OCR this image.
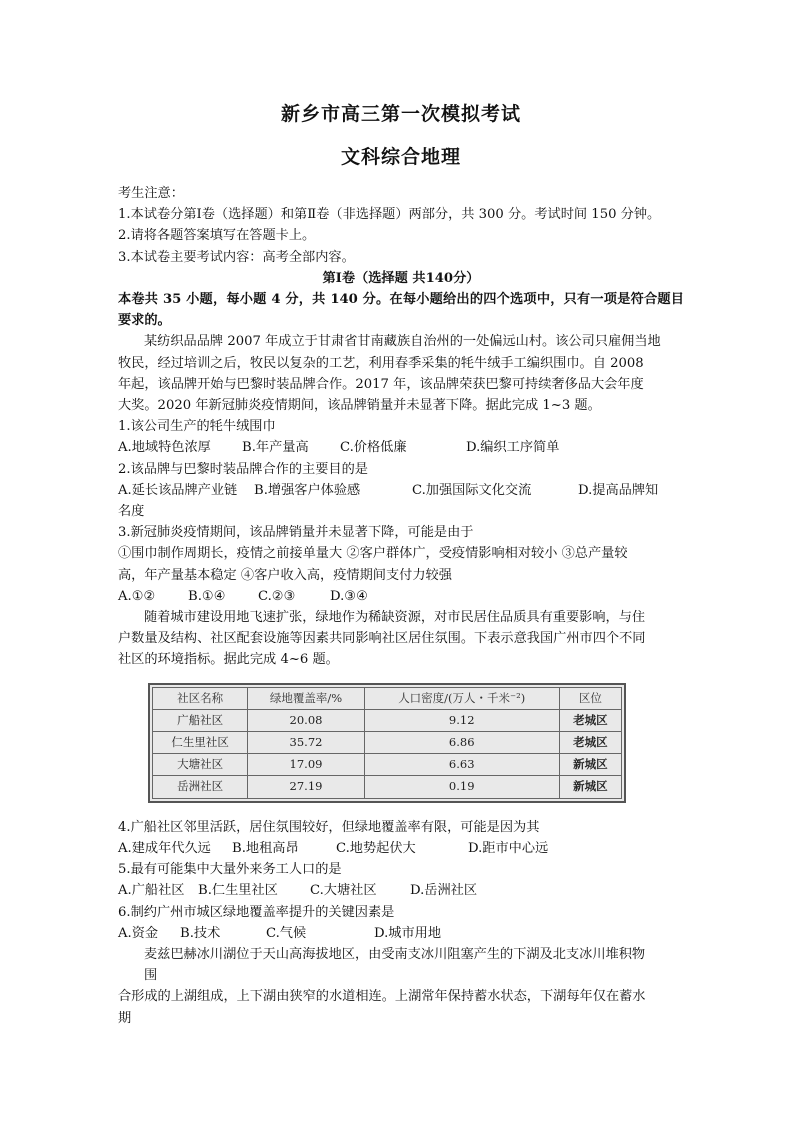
新乡市高三第一次模拟考试
文科综合地理
考生注意：
1.本试卷分第Ⅰ卷（选择题）和第Ⅱ卷（非选择题）两部分，共 300 分。考试时间 150 分钟。
2.请将各题答案填写在答题卡上。
3.本试卷主要考试内容：高考全部内容。
第Ⅰ卷（选择题 共140分）
本卷共 35 小题，每小题 4 分，共 140 分。在每小题给出的四个选项中，只有一项是符合题目要求的。
某纺织品品牌 2007 年成立于甘肃省甘南藏族自治州的一处偏远山村。该公司只雇佣当地
牧民，经过培训之后，牧民以复杂的工艺，利用春季采集的牦牛绒手工编织围巾。自 2008
年起，该品牌开始与巴黎时装品牌合作。2017 年，该品牌荣获巴黎可持续奢侈品大会年度
大奖。2020 年新冠肺炎疫情期间，该品牌销量并未显著下降。据此完成 1~3 题。
1.该公司生产的牦牛绒围巾
A.地域特色浓厚	B.年产量高	C.价格低廉	D.编织工序简单
2.该品牌与巴黎时装品牌合作的主要目的是
A.延长该品牌产业链	B.增强客户体验感	C.加强国际文化交流	D.提高品牌知
名度
3.新冠肺炎疫情期间，该品牌销量并未显著下降，可能是由于
①围巾制作周期长，疫情之前接单量大 ②客户群体广，受疫情影响相对较小 ③总产量较
高，年产量基本稳定 ④客户收入高，疫情期间支付力较强
A.①②	B.①④	C.②③	D.③④
随着城市建设用地飞速扩张，绿地作为稀缺资源，对市民居住品质具有重要影响，与住
户数量及结构、社区配套设施等因素共同影响社区居住氛围。下表示意我国广州市四个不同
社区的环境指标。据此完成 4~6 题。
社区名称	绿地覆盖率/%	人口密度/(万人・千米⁻²)	区位
广船社区	20.08	9.12	老城区
仁生里社区	35.72	6.86	老城区
大塘社区	17.09	6.63	新城区
岳洲社区	27.19	0.19	新城区
4.广船社区邻里活跃，居住氛围较好，但绿地覆盖率有限，可能是因为其
A.建成年代久远	B.地租高昂	C.地势起伏大	D.距市中心远
5.最有可能集中大量外来务工人口的是
A.广船社区	B.仁生里社区	C.大塘社区	D.岳洲社区
6.制约广州市城区绿地覆盖率提升的关键因素是
A.资金	B.技术	C.气候	D.城市用地
麦兹巴赫冰川湖位于天山高海拔地区，由受南支冰川阻塞产生的下湖及北支冰川堆积物
围
合形成的上湖组成，上下湖由狭窄的水道相连。上湖常年保持蓄水状态，下湖每年仅在蓄水
期
